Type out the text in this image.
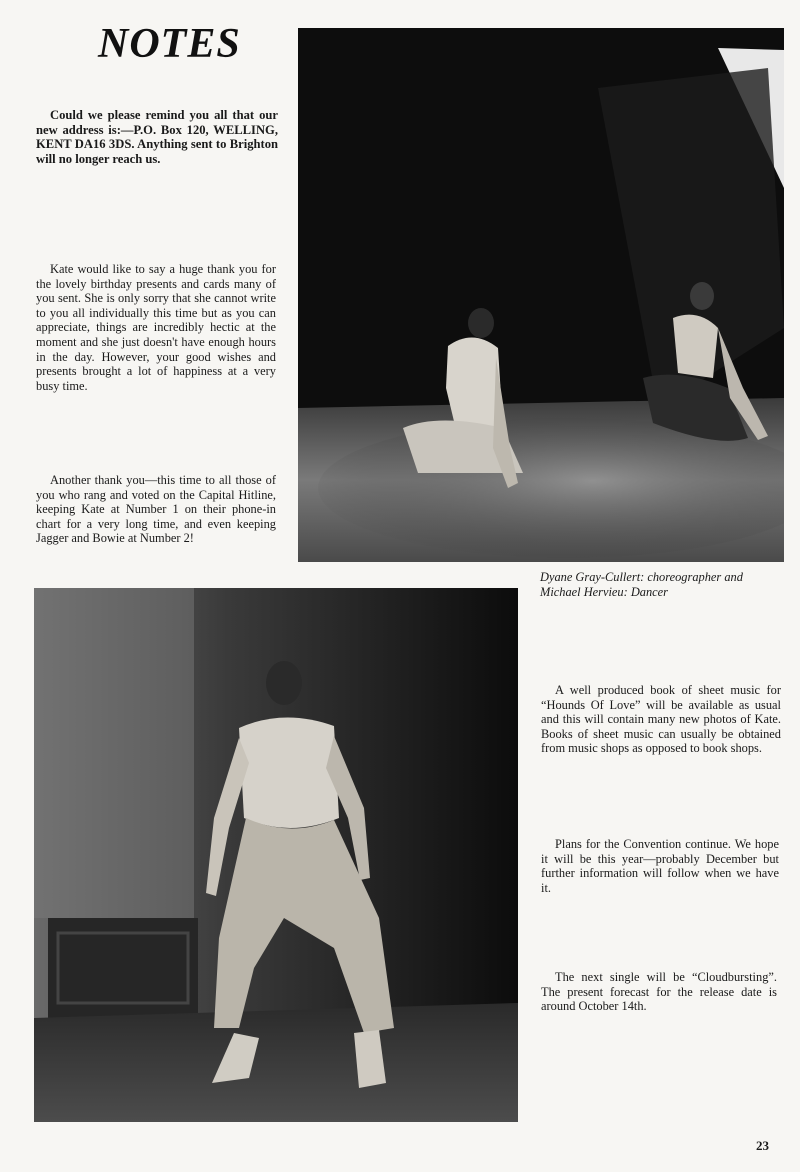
NOTES

Could we please remind you all that our new address is:—P.O. Box 120, WELLING, KENT DA16 3DS. Anything sent to Brighton will no longer reach us.

Kate would like to say a huge thank you for the lovely birthday presents and cards many of you sent. She is only sorry that she cannot write to you all individually this time but as you can appreciate, things are incredibly hectic at the moment and she just doesn't have enough hours in the day. However, your good wishes and presents brought a lot of happiness at a very busy time.

Another thank you—this time to all those of you who rang and voted on the Capital Hitline, keeping Kate at Number 1 on their phone-in chart for a very long time, and even keeping Jagger and Bowie at Number 2!

Dyane Gray-Cullert: choreographer and Michael Hervieu: Dancer

A well produced book of sheet music for “Hounds Of Love” will be available as usual and this will contain many new photos of Kate. Books of sheet music can usually be obtained from music shops as opposed to book shops.

Plans for the Convention continue. We hope it will be this year—probably December but further information will follow when we have it.

The next single will be “Cloudbursting”. The present forecast for the release date is around October 14th.

23
